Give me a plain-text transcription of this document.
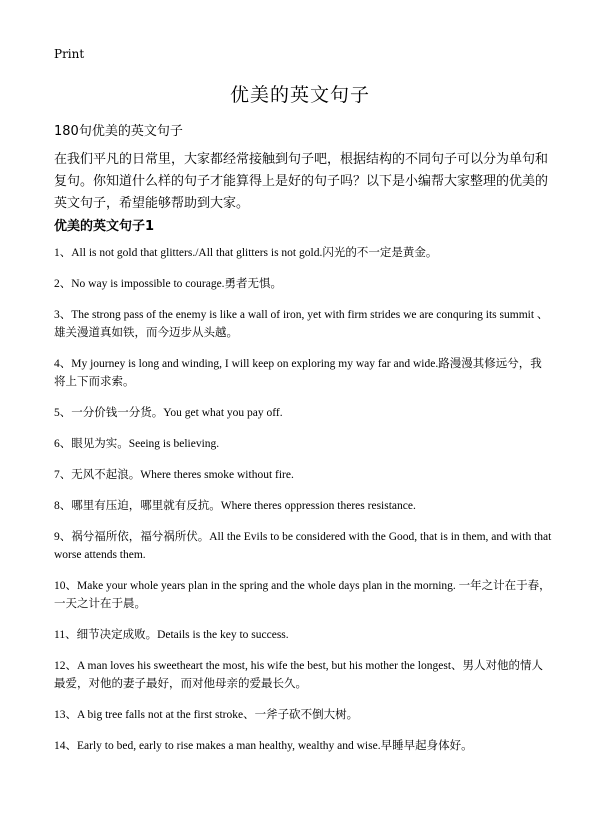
Print
优美的英文句子
180句优美的英文句子
在我们平凡的日常里，大家都经常接触到句子吧，根据结构的不同句子可以分为单句和复句。你知道什么样的句子才能算得上是好的句子吗？以下是小编帮大家整理的优美的英文句子，希望能够帮助到大家。
优美的英文句子1
1、All is not gold that glitters./All that glitters is not gold.闪光的不一定是黄金。
2、No way is impossible to courage.勇者无惧。
3、The strong pass of the enemy is like a wall of iron, yet with firm strides we are conquring its summit 、雄关漫道真如铁，而今迈步从头越。
4、My journey is long and winding, I will keep on exploring my way far and wide.路漫漫其修远兮，我将上下而求索。
5、一分价钱一分货。You get what you pay off.
6、眼见为实。Seeing is believing.
7、无风不起浪。Where theres smoke without fire.
8、哪里有压迫，哪里就有反抗。Where theres oppression theres resistance.
9、祸兮福所依，福兮祸所伏。All the Evils to be considered with the Good, that is in them, and with that worse attends them.
10、Make your whole years plan in the spring and the whole days plan in the morning. 一年之计在于春，一天之计在于晨。
11、细节决定成败。Details is the key to success.
12、A man loves his sweetheart the most, his wife the best, but his mother the longest、男人对他的情人最爱，对他的妻子最好，而对他母亲的爱最长久。
13、A big tree falls not at the first stroke、一斧子砍不倒大树。
14、Early to bed, early to rise makes a man healthy, wealthy and wise.早睡早起身体好。
